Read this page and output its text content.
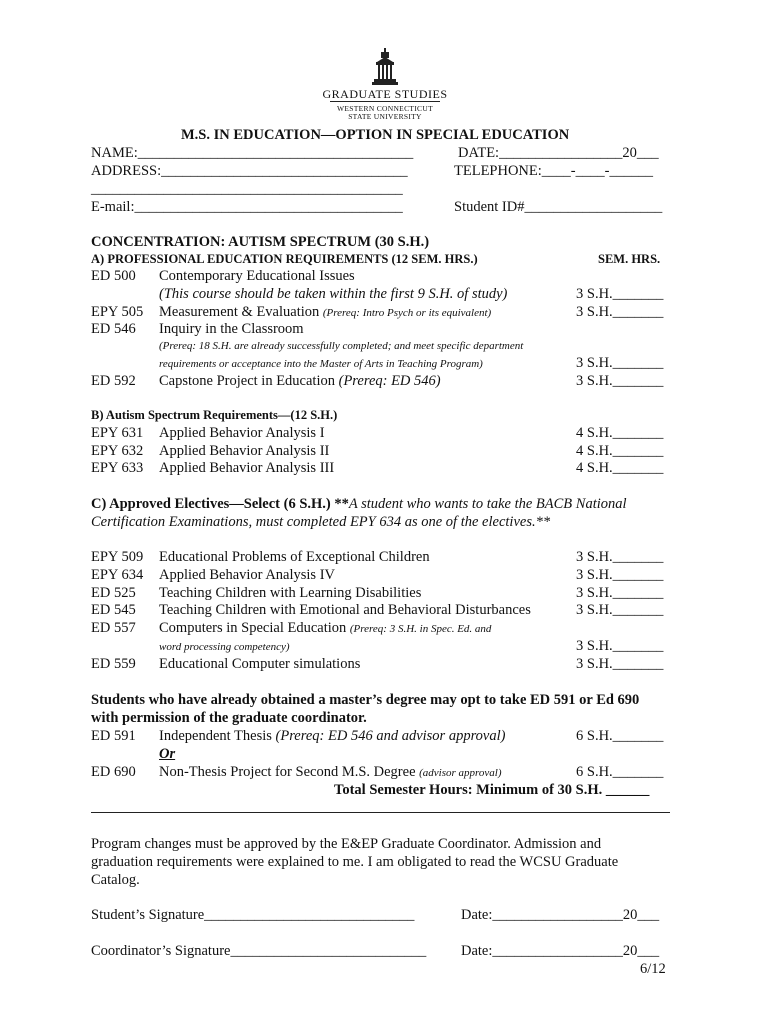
GRADUATE STUDIES
WESTERN CONNECTICUT
STATE UNIVERSITY
M.S. IN EDUCATION—OPTION IN SPECIAL EDUCATION
NAME:______________________________________	DATE:_________________20___
ADDRESS:__________________________________	TELEPHONE:____-____-______
___________________________________________
E-mail:_____________________________________	Student ID#___________________
CONCENTRATION: AUTISM SPECTRUM (30 S.H.)
A) PROFESSIONAL EDUCATION REQUIREMENTS (12 SEM. HRS.)	SEM. HRS.
ED 500 Contemporary Educational Issues
(This course should be taken within the first 9 S.H. of study)	3 S.H._______
EPY 505 Measurement & Evaluation (Prereq: Intro Psych or its equivalent)	3 S.H._______
ED 546 Inquiry in the Classroom
(Prereq: 18 S.H. are already successfully completed; and meet specific department
requirements or acceptance into the Master of Arts in Teaching Program)	3 S.H._______
ED 592 Capstone Project in Education (Prereq: ED 546)	3 S.H._______
B) Autism Spectrum Requirements—(12 S.H.)
EPY 631 Applied Behavior Analysis I	4 S.H._______
EPY 632 Applied Behavior Analysis II	4 S.H._______
EPY 633 Applied Behavior Analysis III	4 S.H._______
C) Approved Electives—Select (6 S.H.) **A student who wants to take the BACB National
Certification Examinations, must completed EPY 634 as one of the electives.**
EPY 509 Educational Problems of Exceptional Children	3 S.H._______
EPY 634 Applied Behavior Analysis IV	3 S.H._______
ED 525 Teaching Children with Learning Disabilities	3 S.H._______
ED 545 Teaching Children with Emotional and Behavioral Disturbances	3 S.H._______
ED 557 Computers in Special Education (Prereq: 3 S.H. in Spec. Ed. and
word processing competency)	3 S.H._______
ED 559 Educational Computer simulations	3 S.H._______
Students who have already obtained a master’s degree may opt to take ED 591 or Ed 690
with permission of the graduate coordinator.
ED 591 Independent Thesis (Prereq: ED 546 and advisor approval)	6 S.H._______
Or
ED 690 Non-Thesis Project for Second M.S. Degree (advisor approval)	6 S.H._______
Total Semester Hours: Minimum of 30 S.H. ______
Program changes must be approved by the E&EP Graduate Coordinator. Admission and
graduation requirements were explained to me. I am obligated to read the WCSU Graduate
Catalog.
Student’s Signature_____________________________	Date:__________________20___
Coordinator’s Signature___________________________ Date:__________________20___
6/12
